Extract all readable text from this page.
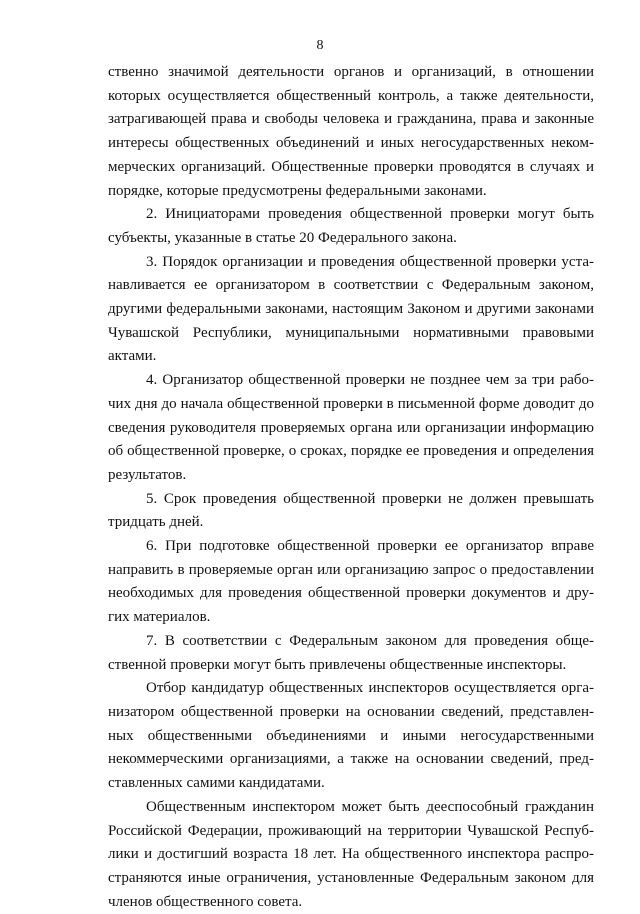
8

ственно значимой деятельности органов и организаций, в отношении которых осуществляется общественный контроль, а также деятельности, затрагивающей права и свободы человека и гражданина, права и законные интересы общественных объединений и иных негосударственных некоммерческих организаций. Общественные проверки проводятся в случаях и порядке, которые предусмотрены федеральными законами.

2. Инициаторами проведения общественной проверки могут быть субъекты, указанные в статье 20 Федерального закона.

3. Порядок организации и проведения общественной проверки устанавливается ее организатором в соответствии с Федеральным законом, другими федеральными законами, настоящим Законом и другими законами Чувашской Республики, муниципальными нормативными правовыми актами.

4. Организатор общественной проверки не позднее чем за три рабочих дня до начала общественной проверки в письменной форме доводит до сведения руководителя проверяемых органа или организации информацию об общественной проверке, о сроках, порядке ее проведения и определения результатов.

5. Срок проведения общественной проверки не должен превышать тридцать дней.

6. При подготовке общественной проверки ее организатор вправе направить в проверяемые орган или организацию запрос о предоставлении необходимых для проведения общественной проверки документов и других материалов.

7. В соответствии с Федеральным законом для проведения общественной проверки могут быть привлечены общественные инспекторы.

Отбор кандидатур общественных инспекторов осуществляется организатором общественной проверки на основании сведений, представленных общественными объединениями и иными негосударственными некоммерческими организациями, а также на основании сведений, представленных самими кандидатами.

Общественным инспектором может быть дееспособный гражданин Российской Федерации, проживающий на территории Чувашской Республики и достигший возраста 18 лет. На общественного инспектора распространяются иные ограничения, установленные Федеральным законом для членов общественного совета.
